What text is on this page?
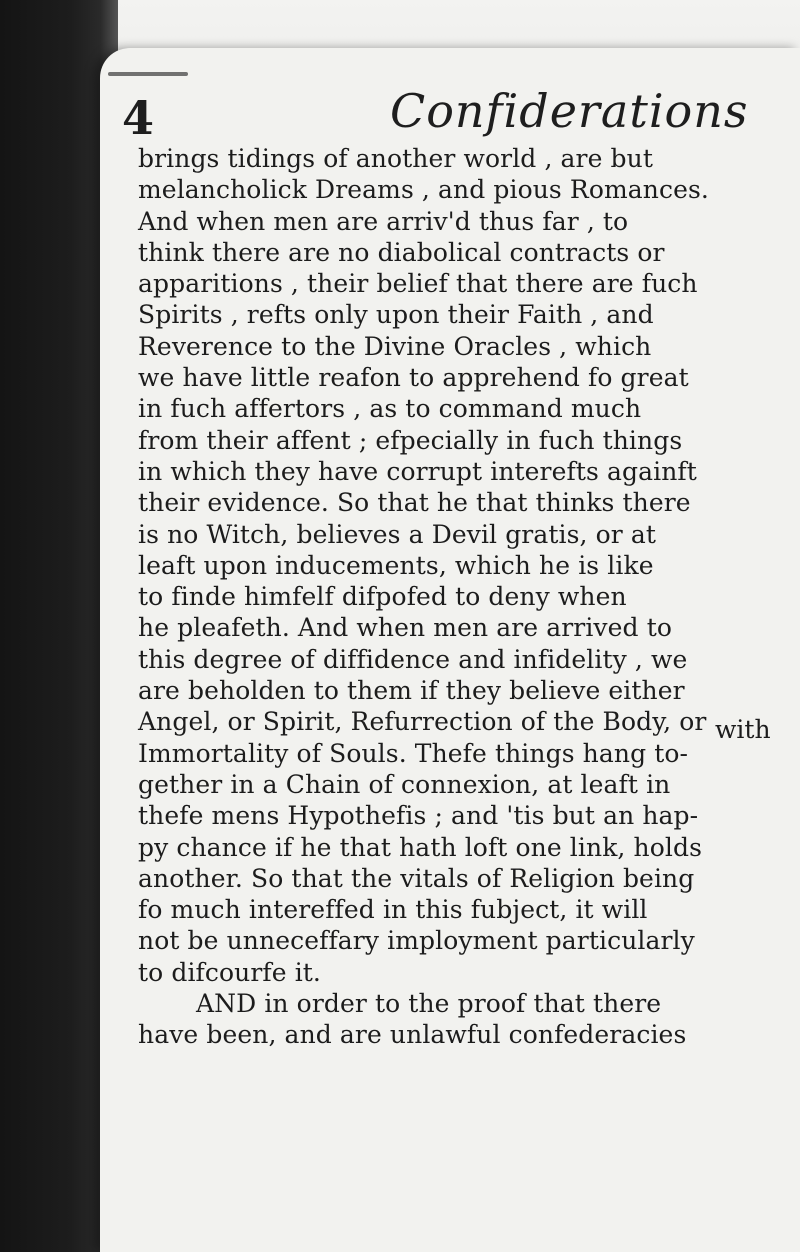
4	Confiderations
brings tidings of another world , are but
melancholick Dreams , and pious Romances.
And when men are arriv'd thus far , to
think there are no diabolical contracts or
apparitions , their belief that there are fuch
Spirits , refts only upon their Faith , and
Reverence to the Divine Oracles , which
we have little reafon to apprehend fo great
in fuch affertors , as to command much
from their affent ; efpecially in fuch things
in which they have corrupt interefts againft
their evidence. So that he that thinks there
is no Witch, believes a Devil gratis, or at
leaft upon inducements, which he is like
to finde himfelf difpofed to deny when
he pleafeth. And when men are arrived to
this degree of diffidence and infidelity , we
are beholden to them if they believe either
Angel, or Spirit, Refurrection of the Body, or
Immortality of Souls. Thefe things hang to-
gether in a Chain of connexion, at leaft in
thefe mens Hypothefis ; and 'tis but an hap-
py chance if he that hath loft one link, holds
another. So that the vitals of Religion being
fo much intereffed in this fubject, it will
not be unneceffary imployment particularly
to difcourfe it.
AND in order to the proof that there
have been, and are unlawful confederacies
with
